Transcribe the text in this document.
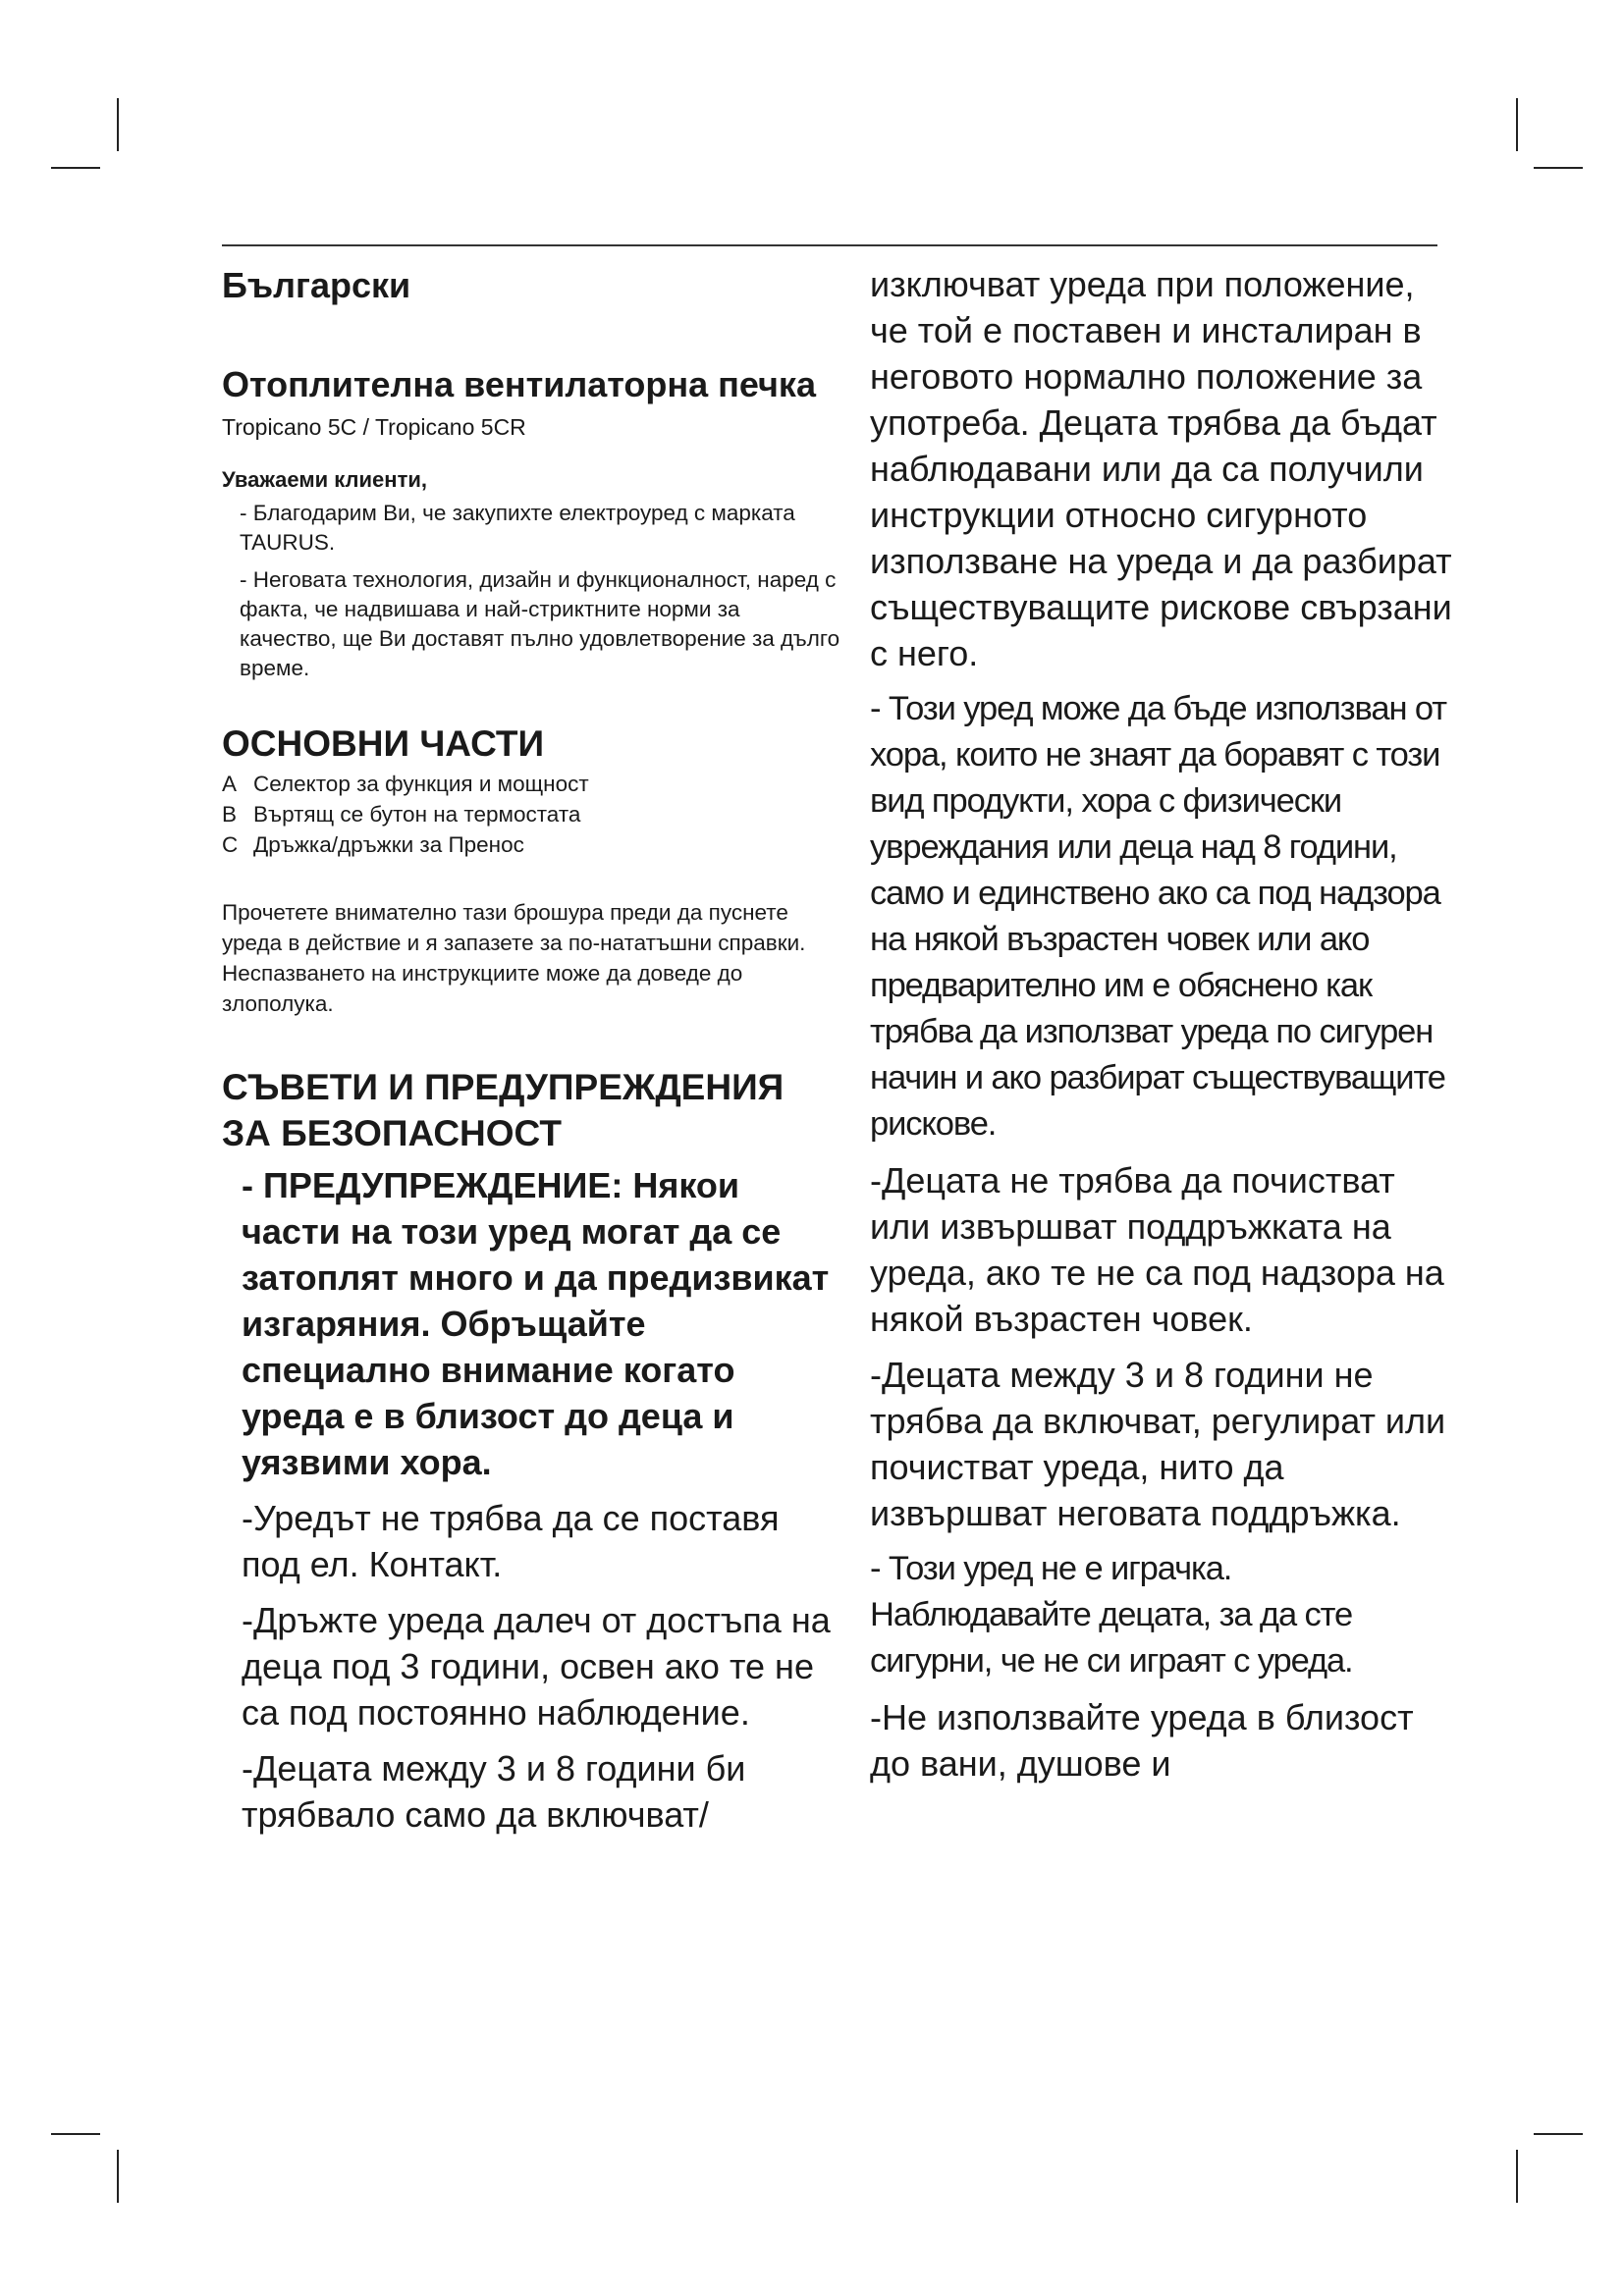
Български

Отоплителна вентилаторна печка

Tropicano 5C / Tropicano 5CR

Уважаеми клиенти,

- Благодарим Ви, че закупихте електроуред с марката TAURUS.

- Неговата технология, дизайн и функционалност, наред с факта, че надвишава и най-стриктните норми за качество, ще Ви доставят пълно удовлетворение за дълго време.

ОСНОВНИ ЧАСТИ

A Селектор за функция и мощност
B Въртящ се бутон на термостата
C Дръжка/дръжки за Пренос

Прочетете внимателно тази брошура преди да пуснете уреда в действие и я запазете за по-нататъшни справки. Неспазването на инструкциите може да доведе до злополука.

СЪВЕТИ И ПРЕДУПРЕЖДЕНИЯ ЗА БЕЗОПАСНОСТ

- ПРЕДУПРЕЖДЕНИЕ: Някои части на този уред могат да се затоплят много и да предизвикат изгаряния. Обръщайте специално внимание когато уреда е в близост до деца и уязвими хора.

-Уредът не трябва да се поставя под ел. Контакт.

-Дръжте уреда далеч от достъпа на деца под 3 години, освен ако те не са под постоянно наблюдение.

-Децата между 3 и 8 години би трябвало само да включват/

изключват уреда при положение, че той е поставен и инсталиран в неговото нормално положение за употреба. Децата трябва да бъдат наблюдавани или да са получили инструкции относно сигурното използване на уреда и да разбират съществуващите рискове свързани с него.

- Този уред може да бъде използван от хора, които не знаят да боравят с този вид продукти, хора с физически увреждания или деца над 8 години, само и единствено ако са под надзора на някой възрастен човек или ако предварително им е обяснено как трябва да използват уреда по сигурен начин и ако разбират съществуващите рискове.

-Децата не трябва да почистват или извършват поддръжката на уреда, ако те не са под надзора на някой възрастен човек.

-Децата между 3 и 8 години не трябва да включват, регулират или почистват уреда, нито да извършват неговата поддръжка.

- Този уред не е играчка. Наблюдавайте децата, за да сте сигурни, че не си играят с уреда.

-Не използвайте уреда в близост до вани, душове и
